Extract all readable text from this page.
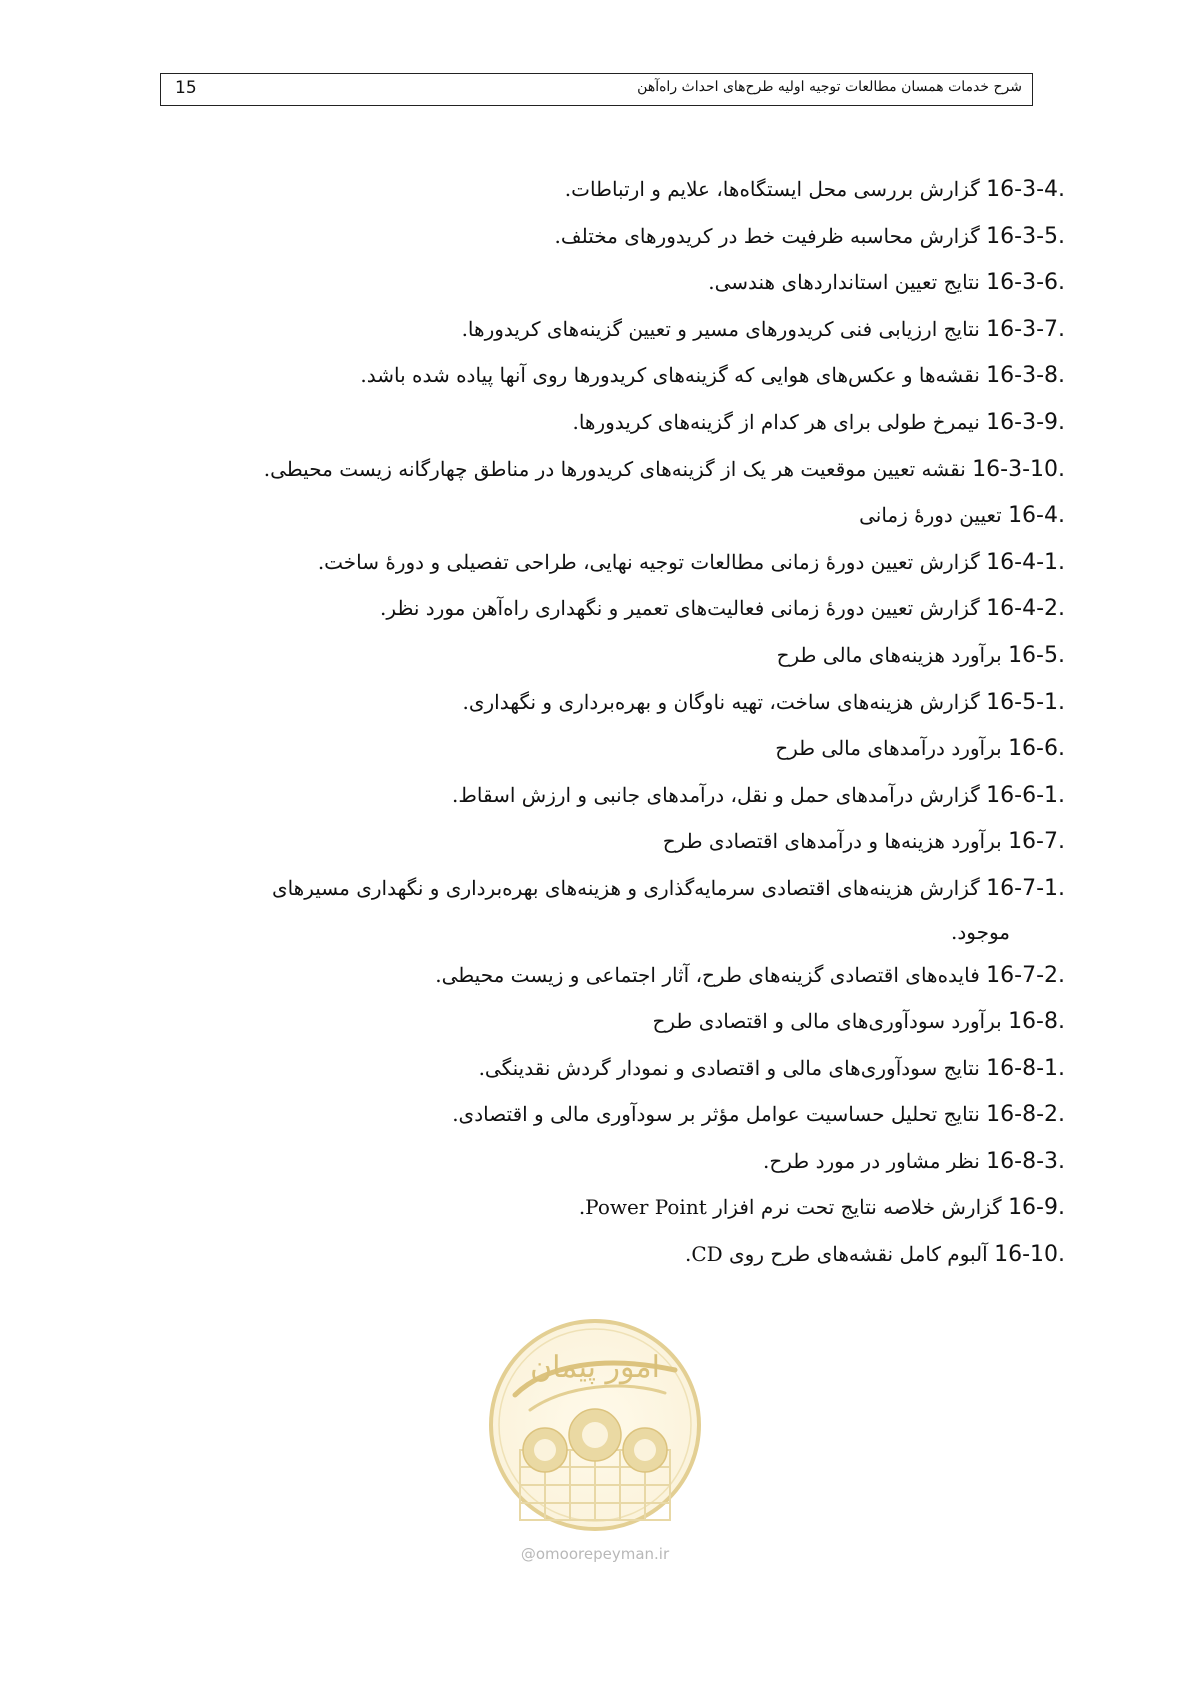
15	شرح خدمات همسان مطالعات توجیه اولیه طرح‌های احداث راه‌آهن
16-3-4. گزارش بررسی محل ایستگاه‌ها، علایم و ارتباطات.
16-3-5. گزارش محاسبه ظرفیت خط در کریدورهای مختلف.
16-3-6. نتایج تعیین استانداردهای هندسی.
16-3-7. نتایج ارزیابی فنی کریدورهای مسیر و تعیین گزینه‌های کریدورها.
16-3-8. نقشه‌ها و عکس‌های هوایی که گزینه‌های کریدورها روی آنها پیاده شده باشد.
16-3-9. نیمرخ طولی برای هر کدام از گزینه‌های کریدورها.
16-3-10. نقشه تعیین موقعیت هر یک از گزینه‌های کریدورها در مناطق چهارگانه زیست محیطی.
16-4. تعیین دورهٔ زمانی
16-4-1. گزارش تعیین دورهٔ زمانی مطالعات توجیه نهایی، طراحی تفصیلی و دورهٔ ساخت.
16-4-2. گزارش تعیین دورهٔ زمانی فعالیت‌های تعمیر و نگهداری راه‌آهن مورد نظر.
16-5. برآورد هزینه‌های مالی طرح
16-5-1. گزارش هزینه‌های ساخت، تهیه ناوگان و بهره‌برداری و نگهداری.
16-6. برآورد درآمدهای مالی طرح
16-6-1. گزارش درآمدهای حمل و نقل، درآمدهای جانبی و ارزش اسقاط.
16-7. برآورد هزینه‌ها و درآمدهای اقتصادی طرح
16-7-1. گزارش هزینه‌های اقتصادی سرمایه‌گذاری و هزینه‌های بهره‌برداری و نگهداری مسیرهای
موجود.
16-7-2. فایده‌های اقتصادی گزینه‌های طرح، آثار اجتماعی و زیست محیطی.
16-8. برآورد سودآوری‌های مالی و اقتصادی طرح
16-8-1. نتایج سودآوری‌های مالی و اقتصادی و نمودار گردش نقدینگی.
16-8-2. نتایج تحلیل حساسیت عوامل مؤثر بر سودآوری مالی و اقتصادی.
16-8-3. نظر مشاور در مورد طرح.
16-9. گزارش خلاصه نتایج تحت نرم افزار Power Point.
16-10. آلبوم کامل نقشه‌های طرح روی CD.
امور پیمان
@omoorepeyman.ir
